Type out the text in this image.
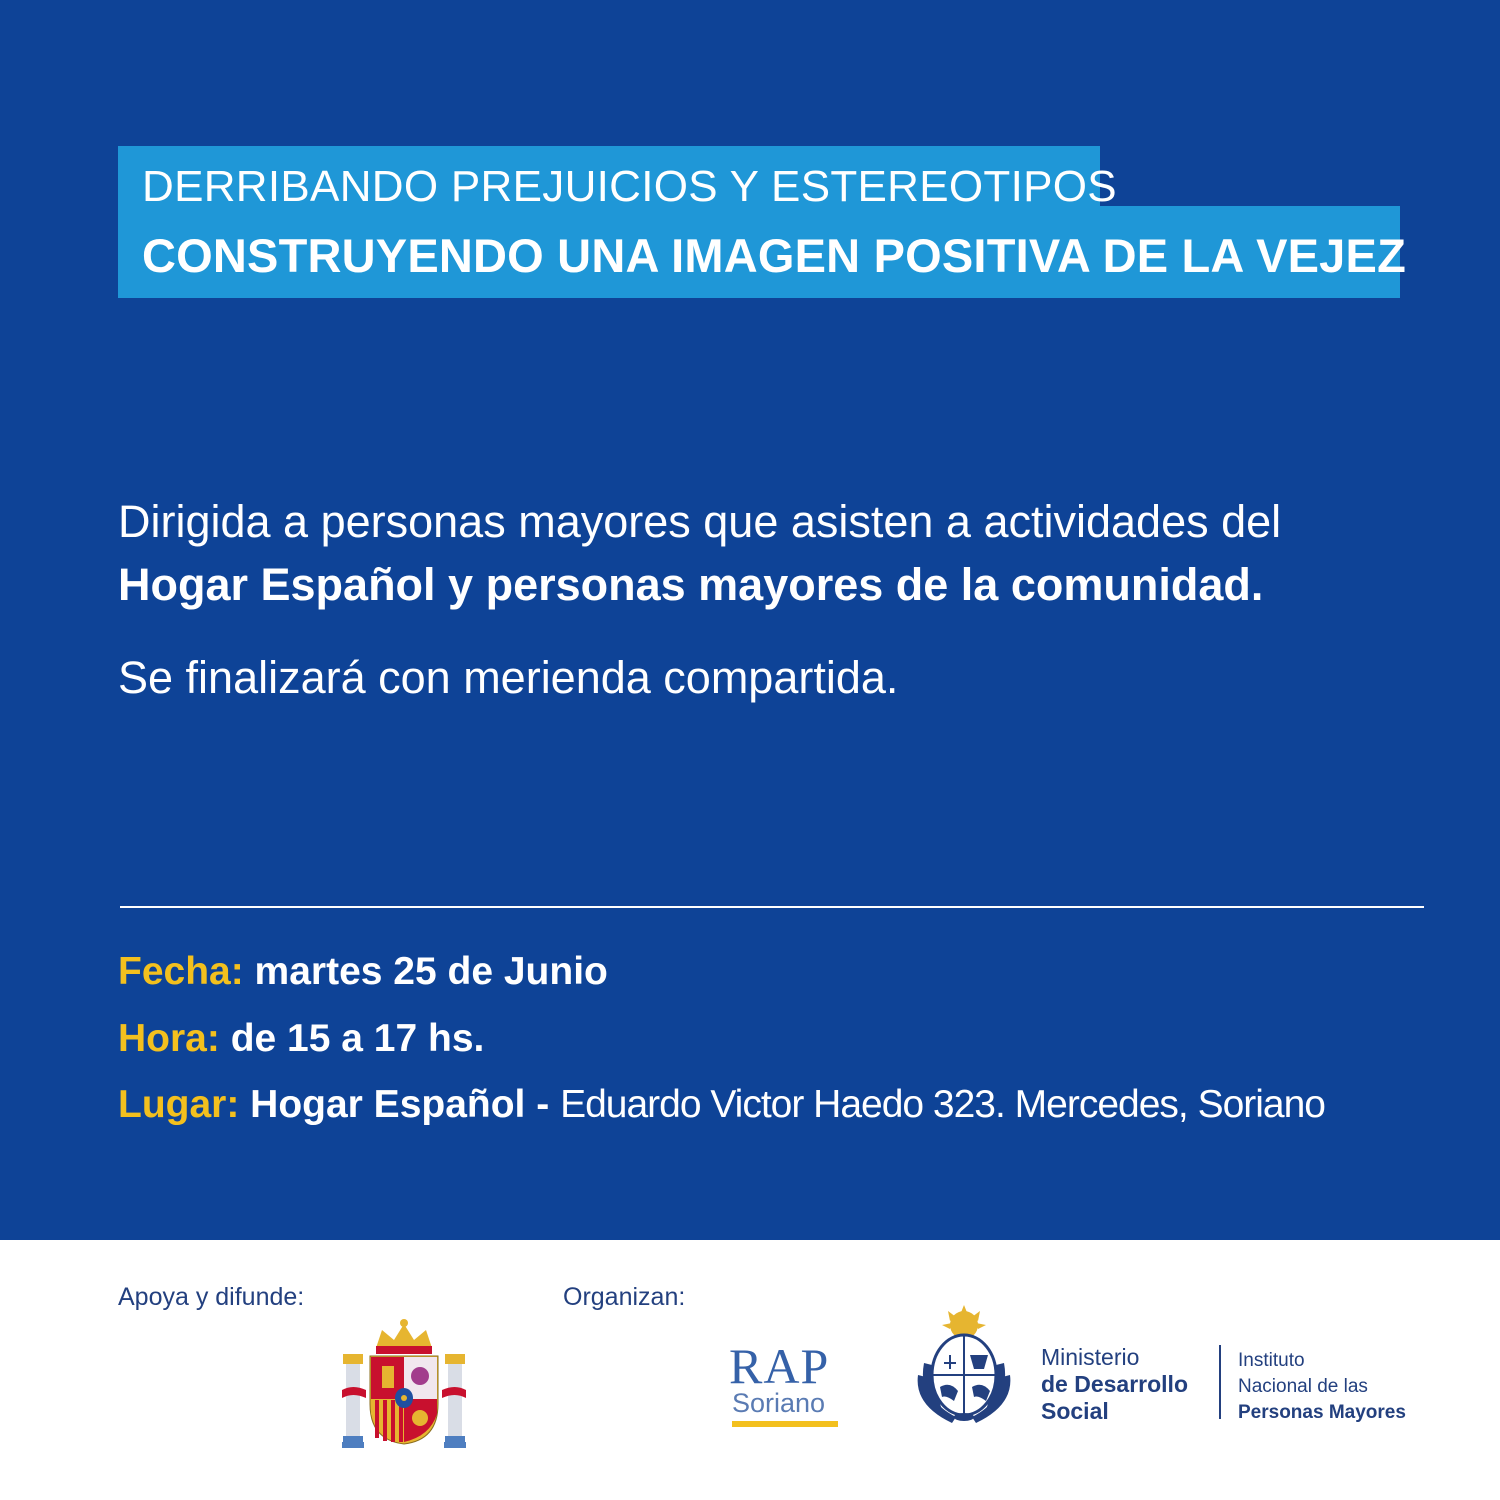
DERRIBANDO PREJUICIOS Y ESTEREOTIPOS
CONSTRUYENDO UNA IMAGEN POSITIVA DE LA VEJEZ
Dirigida a personas mayores que asisten a actividades del
Hogar Español y personas mayores de la comunidad.
Se finalizará con merienda compartida.
Fecha: martes 25 de Junio
Hora: de 15 a 17 hs.
Lugar: Hogar Español - Eduardo Victor Haedo 323. Mercedes, Soriano
Apoya y difunde:	Organizan:
RAP
Soriano
Ministerio
de Desarrollo
Social
Instituto
Nacional de las
Personas Mayores
